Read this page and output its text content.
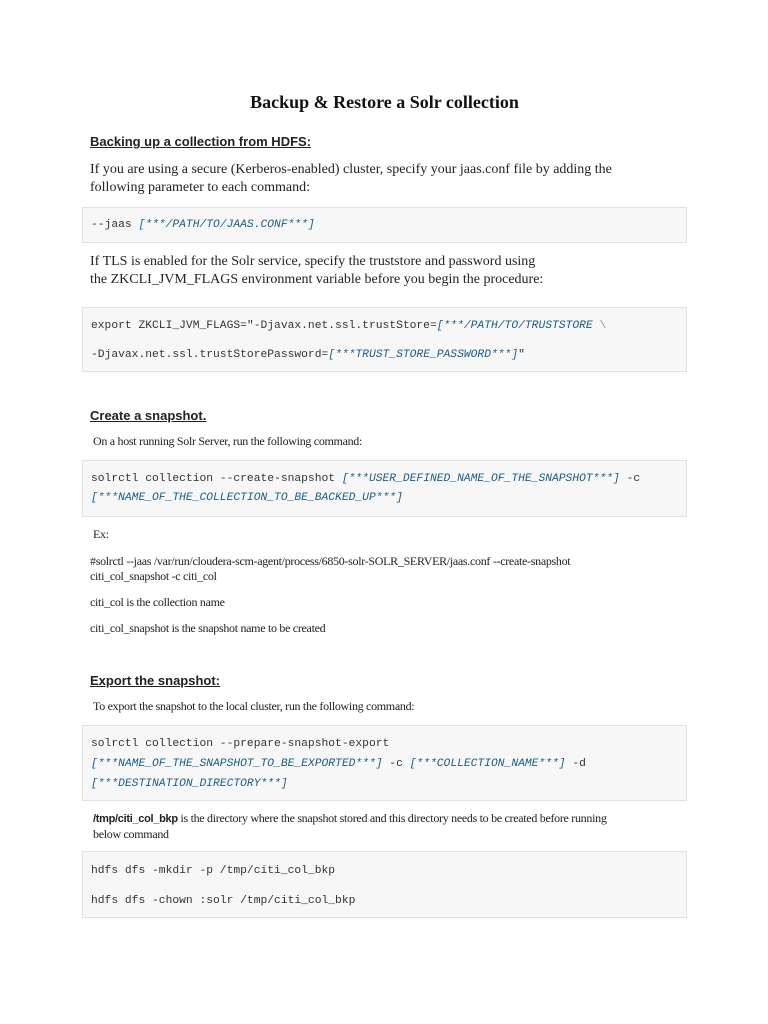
Backup & Restore a Solr collection
Backing up a collection from HDFS:
If you are using a secure (Kerberos-enabled) cluster, specify your jaas.conf file by adding the
following parameter to each command:
--jaas [***/PATH/TO/JAAS.CONF***]
If TLS is enabled for the Solr service, specify the truststore and password using
the ZKCLI_JVM_FLAGS environment variable before you begin the procedure:
export ZKCLI_JVM_FLAGS="-Djavax.net.ssl.trustStore=[***/PATH/TO/TRUSTSTORE \
-Djavax.net.ssl.trustStorePassword=[***TRUST_STORE_PASSWORD***]"
Create a snapshot.
On a host running Solr Server, run the following command:
solrctl collection --create-snapshot [***USER_DEFINED_NAME_OF_THE_SNAPSHOT***] -c
[***NAME_OF_THE_COLLECTION_TO_BE_BACKED_UP***]
Ex:
#solrctl --jaas /var/run/cloudera-scm-agent/process/6850-solr-SOLR_SERVER/jaas.conf --create-snapshot
citi_col_snapshot -c citi_col
citi_col is the collection name
citi_col_snapshot is the snapshot name to be created
Export the snapshot:
To export the snapshot to the local cluster, run the following command:
solrctl collection --prepare-snapshot-export
[***NAME_OF_THE_SNAPSHOT_TO_BE_EXPORTED***] -c [***COLLECTION_NAME***] -d
[***DESTINATION_DIRECTORY***]
/tmp/citi_col_bkp is the directory where the snapshot stored and this directory needs to be created before running
below command
hdfs dfs -mkdir -p /tmp/citi_col_bkp
hdfs dfs -chown :solr /tmp/citi_col_bkp
